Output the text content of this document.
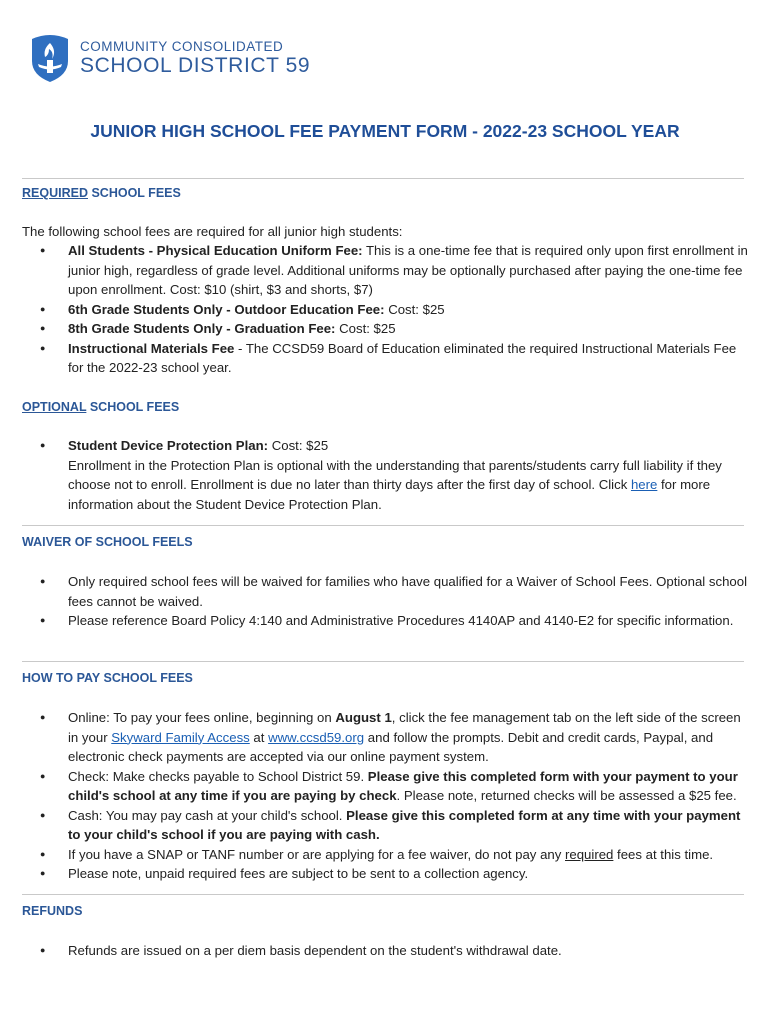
COMMUNITY CONSOLIDATED
SCHOOL DISTRICT 59
JUNIOR HIGH SCHOOL FEE PAYMENT FORM - 2022-23 SCHOOL YEAR
REQUIRED SCHOOL FEES
The following school fees are required for all junior high students:
● All Students - Physical Education Uniform Fee: This is a one-time fee that is required only upon first enrollment in junior high, regardless of grade level. Additional uniforms may be optionally purchased after paying the one-time fee upon enrollment. Cost: $10 (shirt, $3 and shorts, $7)
● 6th Grade Students Only - Outdoor Education Fee: Cost: $25
● 8th Grade Students Only - Graduation Fee: Cost: $25
● Instructional Materials Fee - The CCSD59 Board of Education eliminated the required Instructional Materials Fee for the 2022-23 school year.
OPTIONAL SCHOOL FEES
● Student Device Protection Plan: Cost: $25
Enrollment in the Protection Plan is optional with the understanding that parents/students carry full liability if they choose not to enroll. Enrollment is due no later than thirty days after the first day of school. Click here for more information about the Student Device Protection Plan.
WAIVER OF SCHOOL FEELS
● Only required school fees will be waived for families who have qualified for a Waiver of School Fees. Optional school fees cannot be waived.
● Please reference Board Policy 4:140 and Administrative Procedures 4140AP and 4140-E2 for specific information.
HOW TO PAY SCHOOL FEES
● Online: To pay your fees online, beginning on August 1, click the fee management tab on the left side of the screen in your Skyward Family Access at www.ccsd59.org and follow the prompts. Debit and credit cards, Paypal, and electronic check payments are accepted via our online payment system.
● Check: Make checks payable to School District 59. Please give this completed form with your payment to your child's school at any time if you are paying by check. Please note, returned checks will be assessed a $25 fee.
● Cash: You may pay cash at your child's school. Please give this completed form at any time with your payment to your child's school if you are paying with cash.
● If you have a SNAP or TANF number or are applying for a fee waiver, do not pay any required fees at this time.
● Please note, unpaid required fees are subject to be sent to a collection agency.
REFUNDS
● Refunds are issued on a per diem basis dependent on the student's withdrawal date.
